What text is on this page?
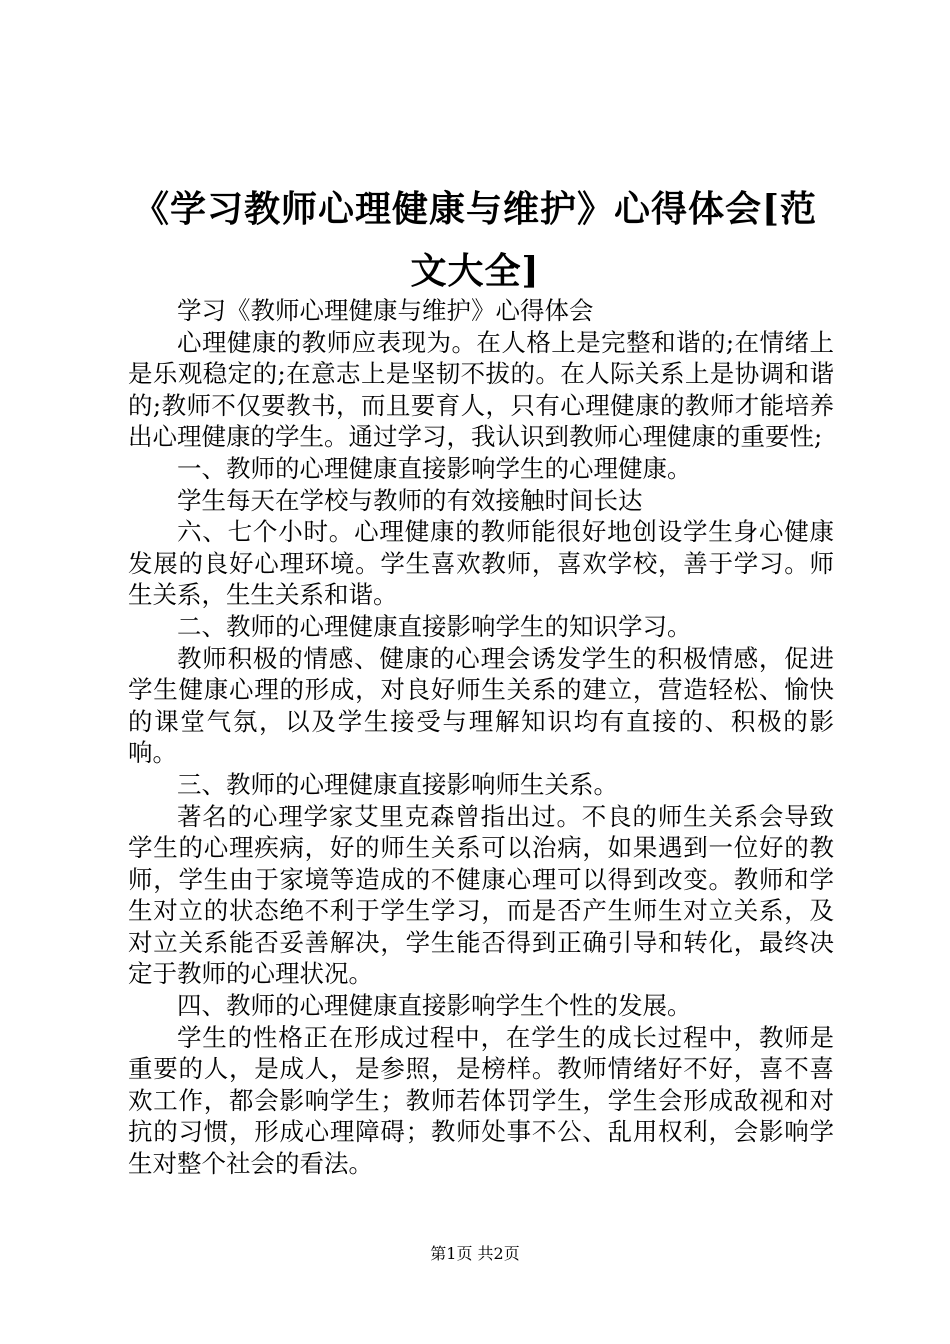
《学习教师心理健康与维护》心得体会[范文大全]

学习《教师心理健康与维护》心得体会

心理健康的教师应表现为。在人格上是完整和谐的;在情绪上是乐观稳定的;在意志上是坚韧不拔的。在人际关系上是协调和谐的;教师不仅要教书，而且要育人，只有心理健康的教师才能培养出心理健康的学生。通过学习，我认识到教师心理健康的重要性;

一、教师的心理健康直接影响学生的心理健康。

学生每天在学校与教师的有效接触时间长达

六、七个小时。心理健康的教师能很好地创设学生身心健康发展的良好心理环境。学生喜欢教师，喜欢学校，善于学习。师生关系，生生关系和谐。

二、教师的心理健康直接影响学生的知识学习。

教师积极的情感、健康的心理会诱发学生的积极情感，促进学生健康心理的形成，对良好师生关系的建立，营造轻松、愉快的课堂气氛，以及学生接受与理解知识均有直接的、积极的影响。

三、教师的心理健康直接影响师生关系。

著名的心理学家艾里克森曾指出过。不良的师生关系会导致学生的心理疾病，好的师生关系可以治病，如果遇到一位好的教师，学生由于家境等造成的不健康心理可以得到改变。教师和学生对立的状态绝不利于学生学习，而是否产生师生对立关系，及对立关系能否妥善解决，学生能否得到正确引导和转化，最终决定于教师的心理状况。

四、教师的心理健康直接影响学生个性的发展。

学生的性格正在形成过程中，在学生的成长过程中，教师是重要的人，是成人，是参照，是榜样。教师情绪好不好，喜不喜欢工作，都会影响学生；教师若体罚学生，学生会形成敌视和对抗的习惯，形成心理障碍；教师处事不公、乱用权利，会影响学生对整个社会的看法。

第1页 共2页
